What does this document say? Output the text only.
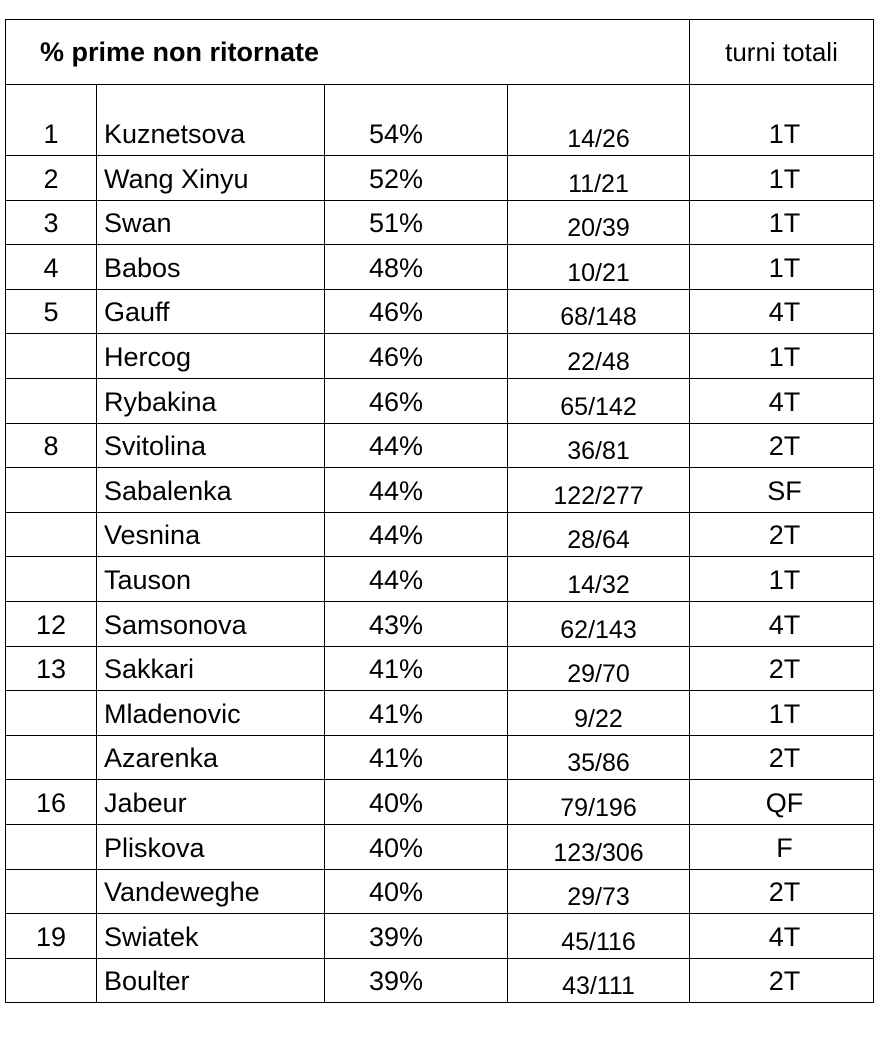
% prime non ritornate				turni totali
1	Kuznetsova	54%	14/26	1T
2	Wang Xinyu	52%	11/21	1T
3	Swan	51%	20/39	1T
4	Babos	48%	10/21	1T
5	Gauff	46%	68/148	4T
	Hercog	46%	22/48	1T
	Rybakina	46%	65/142	4T
8	Svitolina	44%	36/81	2T
	Sabalenka	44%	122/277	SF
	Vesnina	44%	28/64	2T
	Tauson	44%	14/32	1T
12	Samsonova	43%	62/143	4T
13	Sakkari	41%	29/70	2T
	Mladenovic	41%	9/22	1T
	Azarenka	41%	35/86	2T
16	Jabeur	40%	79/196	QF
	Pliskova	40%	123/306	F
	Vandeweghe	40%	29/73	2T
19	Swiatek	39%	45/116	4T
	Boulter	39%	43/111	2T
